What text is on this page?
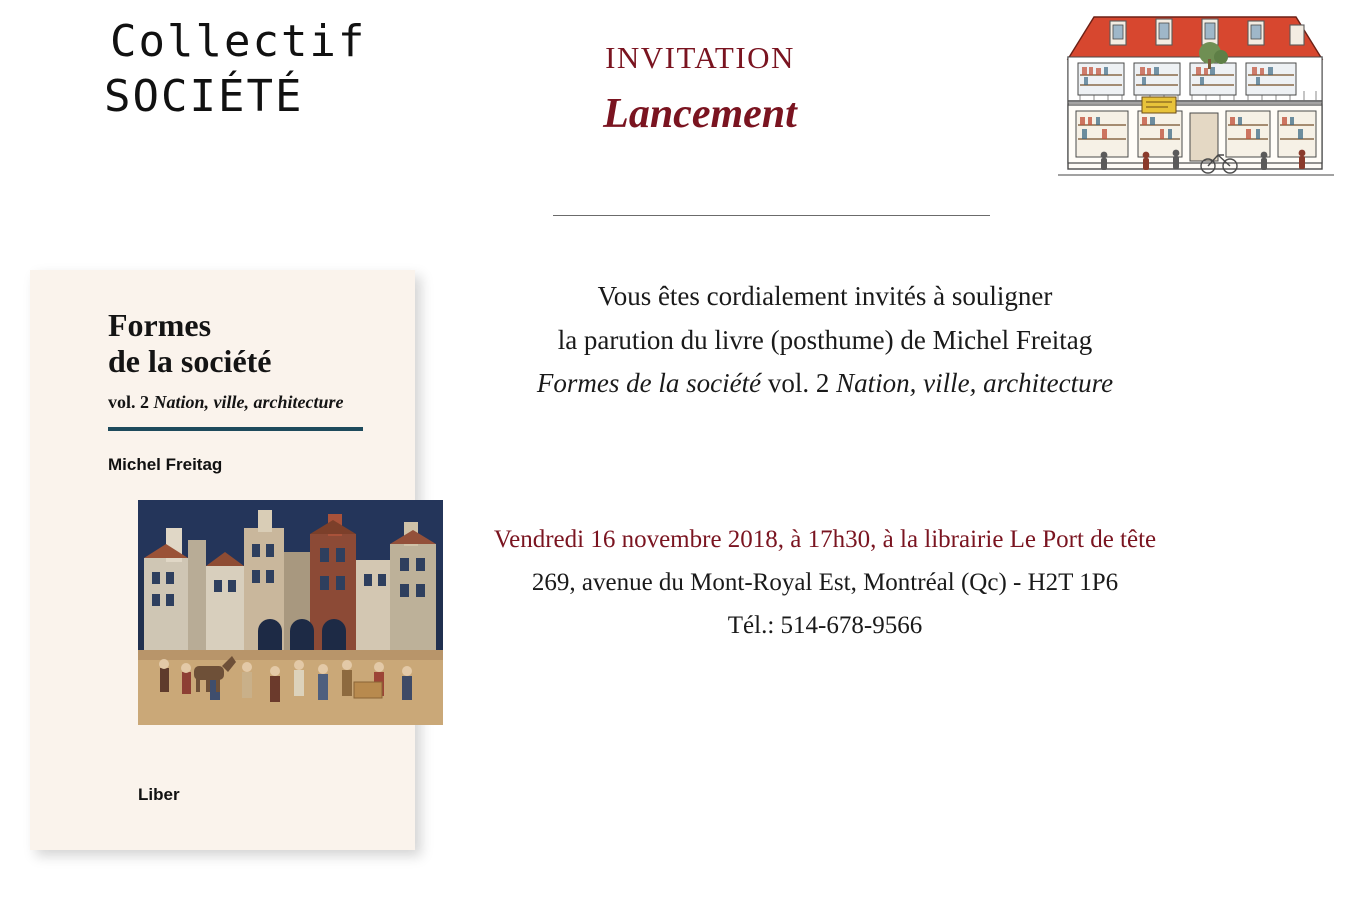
Collectif
SOCIÉTÉ

INVITATION

Lancement

Formes
de la société

vol. 2 Nation, ville, architecture

Michel Freitag

Liber

Vous êtes cordialement invités à souligner

la parution du livre (posthume) de Michel Freitag

Formes de la société vol. 2 Nation, ville, architecture

Vendredi 16 novembre 2018, à 17h30, à la librairie Le Port de tête

269, avenue du Mont-Royal Est, Montréal (Qc) - H2T 1P6

Tél.: 514-678-9566
